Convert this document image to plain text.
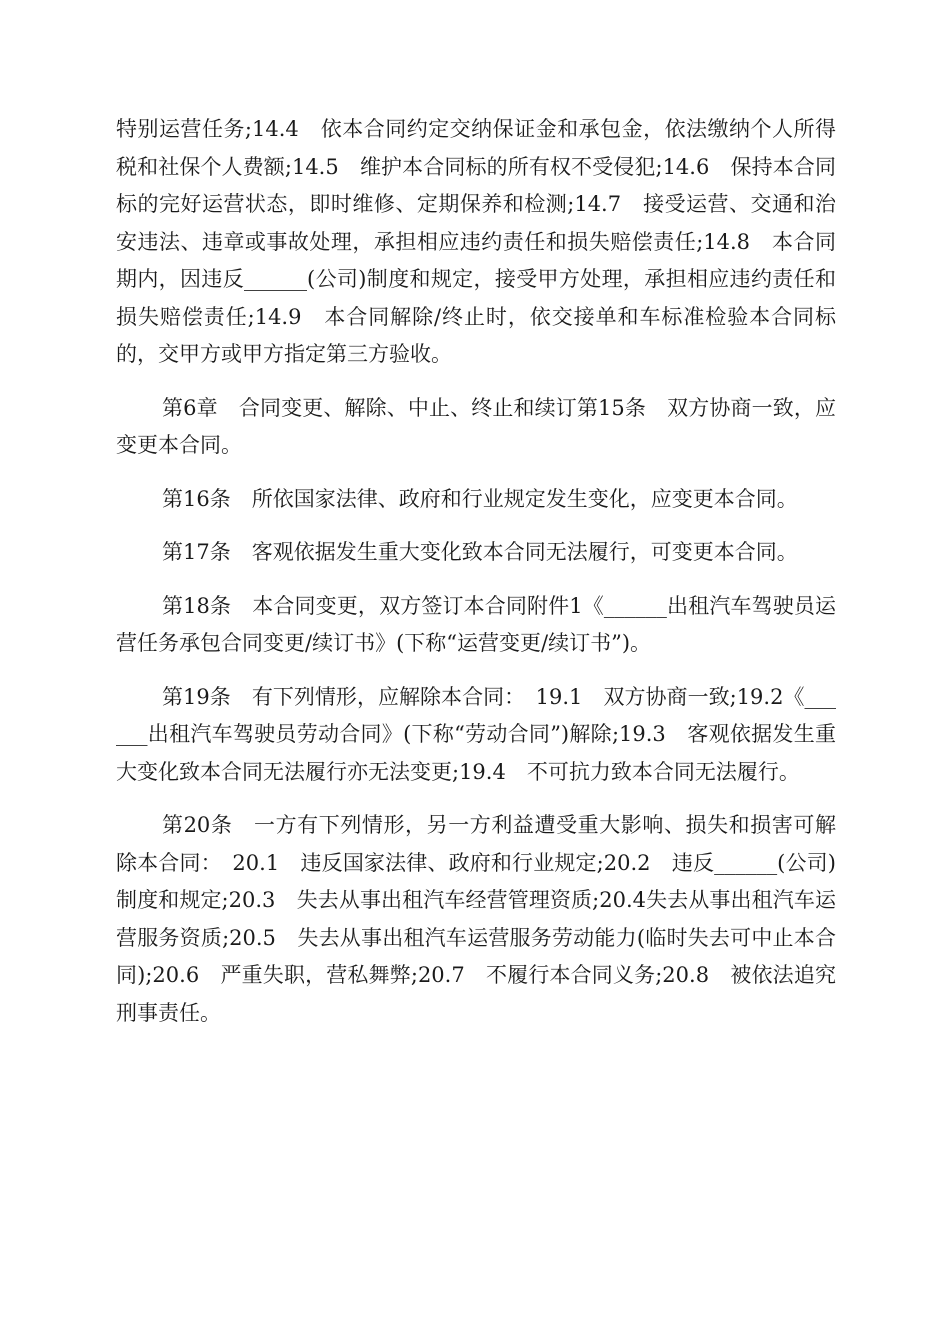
特别运营任务;14.4　依本合同约定交纳保证金和承包金，依法缴纳个人所得税和社保个人费额;14.5　维护本合同标的所有权不受侵犯;14.6　保持本合同标的完好运营状态，即时维修、定期保养和检测;14.7　接受运营、交通和治安违法、违章或事故处理，承担相应违约责任和损失赔偿责任;14.8　本合同期内，因违反______(公司)制度和规定，接受甲方处理，承担相应违约责任和损失赔偿责任;14.9　本合同解除/终止时，依交接单和车标准检验本合同标的，交甲方或甲方指定第三方验收。

第6章　合同变更、解除、中止、终止和续订第15条　双方协商一致，应变更本合同。

第16条　所依国家法律、政府和行业规定发生变化，应变更本合同。

第17条　客观依据发生重大变化致本合同无法履行，可变更本合同。

第18条　本合同变更，双方签订本合同附件1《______出租汽车驾驶员运营任务承包合同变更/续订书》(下称“运营变更/续订书”)。

第19条　有下列情形，应解除本合同：　19.1　双方协商一致;19.2《______出租汽车驾驶员劳动合同》(下称“劳动合同”)解除;19.3　客观依据发生重大变化致本合同无法履行亦无法变更;19.4　不可抗力致本合同无法履行。

第20条　一方有下列情形，另一方利益遭受重大影响、损失和损害可解除本合同：　20.1　违反国家法律、政府和行业规定;20.2　违反______(公司)制度和规定;20.3　失去从事出租汽车经营管理资质;20.4失去从事出租汽车运营服务资质;20.5　失去从事出租汽车运营服务劳动能力(临时失去可中止本合同);20.6　严重失职，营私舞弊;20.7　不履行本合同义务;20.8　被依法追究刑事责任。
